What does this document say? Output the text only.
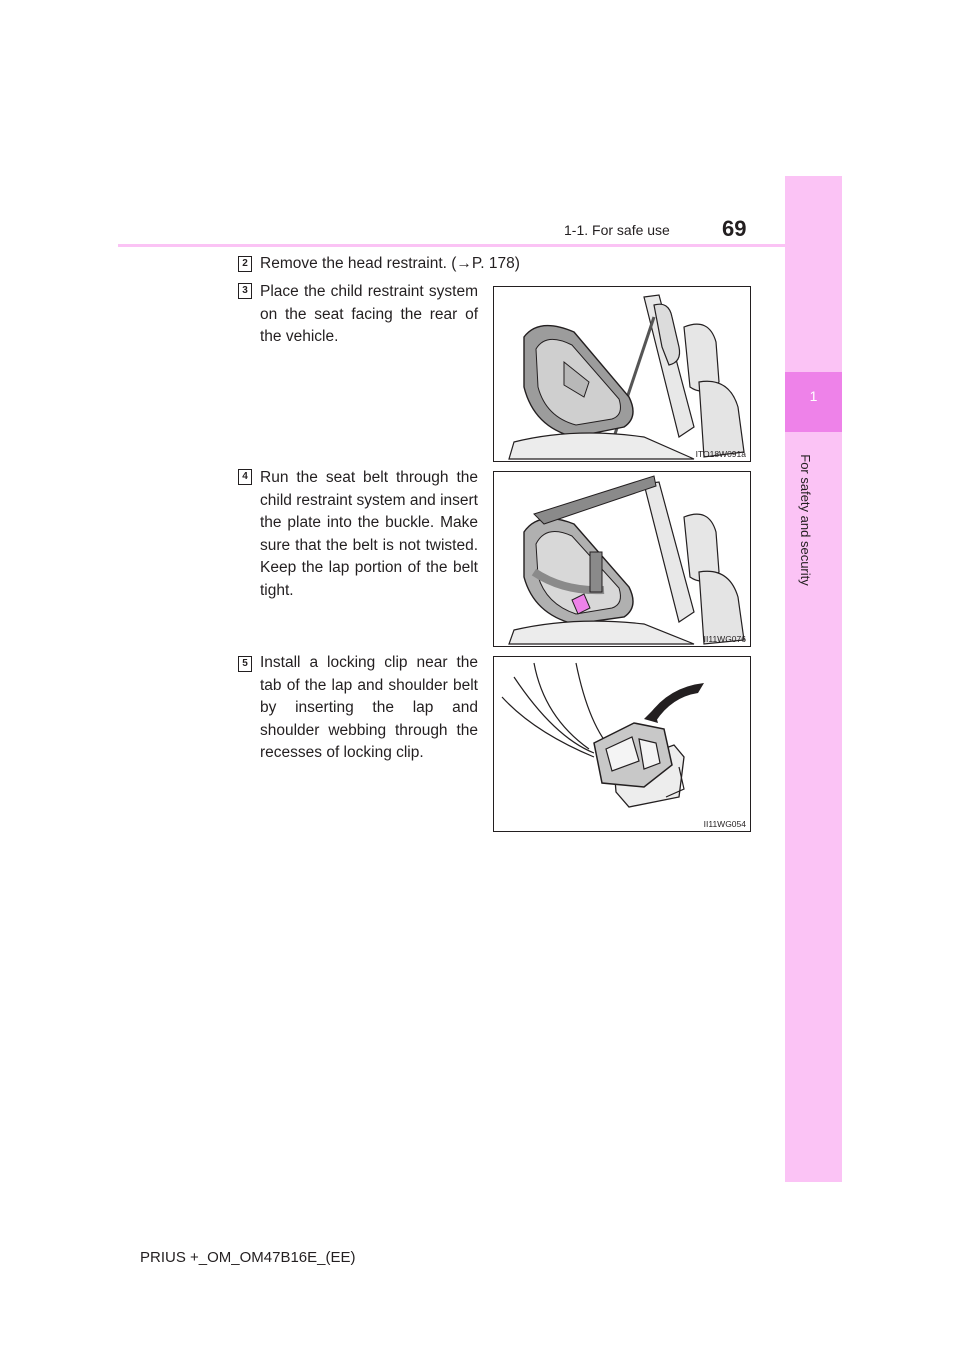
1-1. For safe use 69
1
For safety and security
2 Remove the head restraint. (→P. 178)
3 Place the child restraint system on the seat facing the rear of the vehicle.
ITO18W091a
4 Run the seat belt through the child restraint system and insert the plate into the buckle. Make sure that the belt is not twisted. Keep the lap portion of the belt tight.
II11WG076
5 Install a locking clip near the tab of the lap and shoulder belt by inserting the lap and shoulder webbing through the recesses of locking clip.
II11WG054
PRIUS +_OM_OM47B16E_(EE)
